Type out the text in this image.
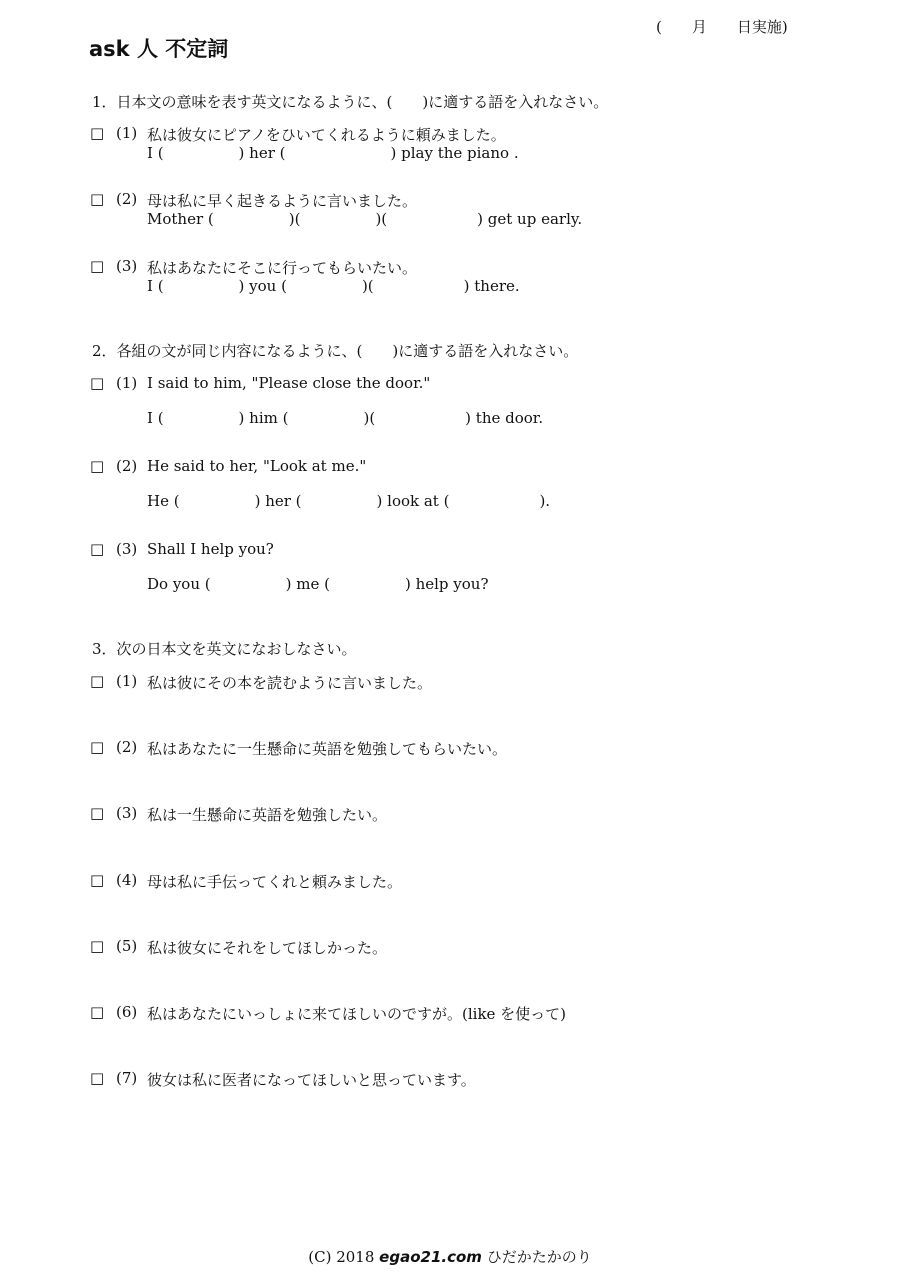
ask 人 不定詞
(　　月　　日実施)
1．日本文の意味を表す英文になるように、(　　)に適する語を入れなさい。
□ (1) 私は彼女にピアノをひいてくれるように頼みました。
I (　　　　　) her (　　　　　　　) play the piano .
□ (2) 母は私に早く起きるように言いました。
Mother (　　　　　)(　　　　　)(　　　　　　) get up early.
□ (3) 私はあなたにそこに行ってもらいたい。
I (　　　　　) you (　　　　　)(　　　　　　) there.
2．各組の文が同じ内容になるように、(　　)に適する語を入れなさい。
□ (1) I said to him, "Please close the door."
I (　　　　　) him (　　　　　)(　　　　　　) the door.
□ (2) He said to her, "Look at me."
He (　　　　　) her (　　　　　) look at (　　　　　　).
□ (3) Shall I help you?
Do you (　　　　　) me (　　　　　) help you?
3．次の日本文を英文になおしなさい。
□ (1) 私は彼にその本を読むように言いました。
□ (2) 私はあなたに一生懸命に英語を勉強してもらいたい。
□ (3) 私は一生懸命に英語を勉強したい。
□ (4) 母は私に手伝ってくれと頼みました。
□ (5) 私は彼女にそれをしてほしかった。
□ (6) 私はあなたにいっしょに来てほしいのですが。(like を使って)
□ (7) 彼女は私に医者になってほしいと思っています。
(C) 2018 egao21.com ひだかたかのり
